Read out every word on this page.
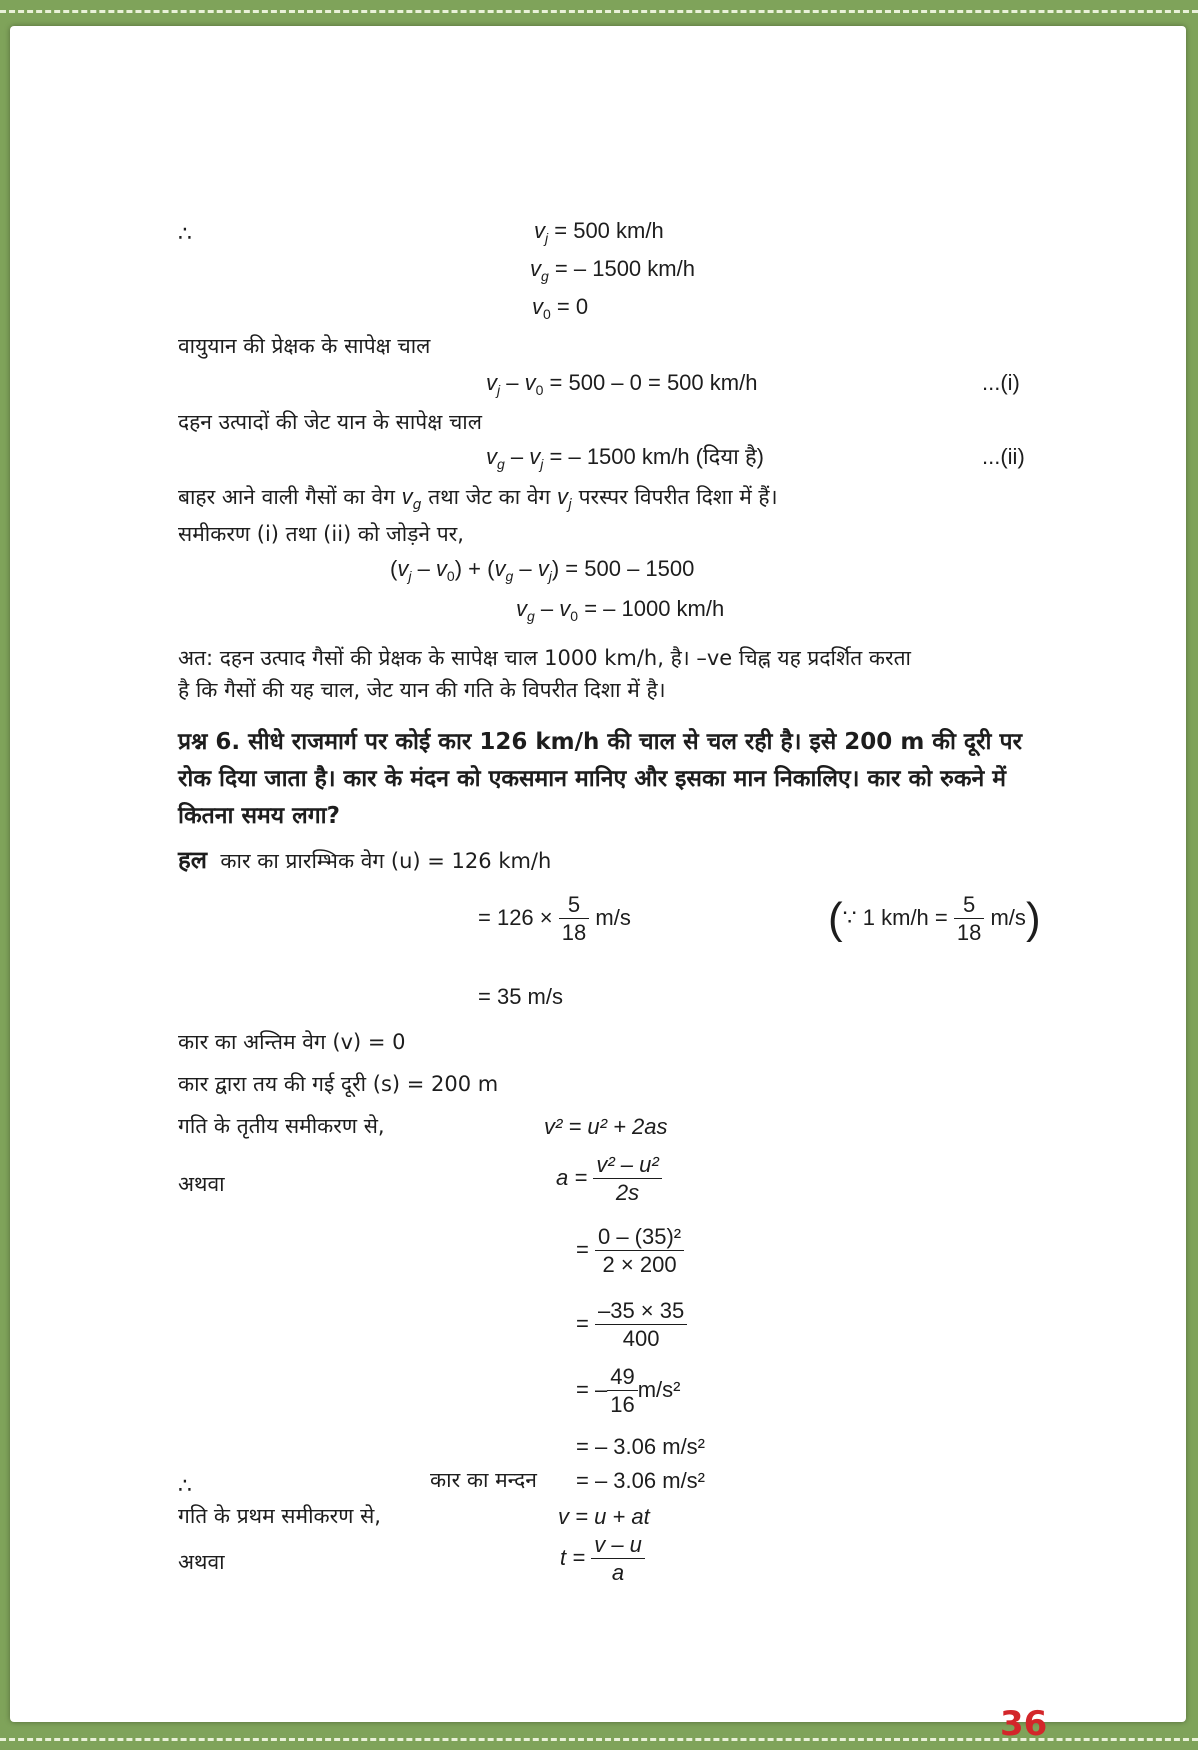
∴	$v_j = 500$ km/h
$v_g$ = – 1500 km/h
$v_0 = 0$
वायुयान की प्रेक्षक के सापेक्ष चाल
$v_j - v_0 = 500 - 0 = 500$ km/h	...(i)
दहन उत्पादों की जेट यान के सापेक्ष चाल
$v_g - v_j$ = – 1500 km/h (दिया है)	...(ii)
बाहर आने वाली गैसों का वेग $v_g$ तथा जेट का वेग $v_j$ परस्पर विपरीत दिशा में हैं।
समीकरण (i) तथा (ii) को जोड़ने पर,
$(v_j - v_0) + (v_g - v_j) = 500 - 1500$
$v_g - v_0$ = – 1000 km/h
अत: दहन उत्पाद गैसों की प्रेक्षक के सापेक्ष चाल 1000 km/h, है। –ve चिह्न यह प्रदर्शित करता
है कि गैसों की यह चाल, जेट यान की गति के विपरीत दिशा में है।
प्रश्न 6. सीधे राजमार्ग पर कोई कार 126 km/h की चाल से चल रही है। इसे 200 m की दूरी पर रोक दिया जाता है। कार के मंदन को एकसमान मानिए और इसका मान निकालिए। कार को रुकने में कितना समय लगा?
हल कार का प्रारम्भिक वेग (u) = 126 km/h
= $126 \times \frac{5}{18} m/s$	(∵ 1 $km/h = \frac{5}{18} m/s$)
= 35 m/s
कार का अन्तिम वेग (v) = 0
कार द्वारा तय की गई दूरी (s) = 200 m
गति के तृतीय समीकरण से,	v² = u² + 2as
अथवा	$a = \frac{\text{v² – u²}}{2s}$
= $\frac{\text{0 – (35)²}}{2 \times 200}$
= $\frac{-35 \times 35}{400}$
= – $\frac{49}{16} m/s^2$
= – 3.06 m/s²
∴	कार का मन्दन = – 3.06 m/s²
गति के प्रथम समीकरण से,	v = u + at
अथवा	$t = \frac{v - u}{a}$
36
